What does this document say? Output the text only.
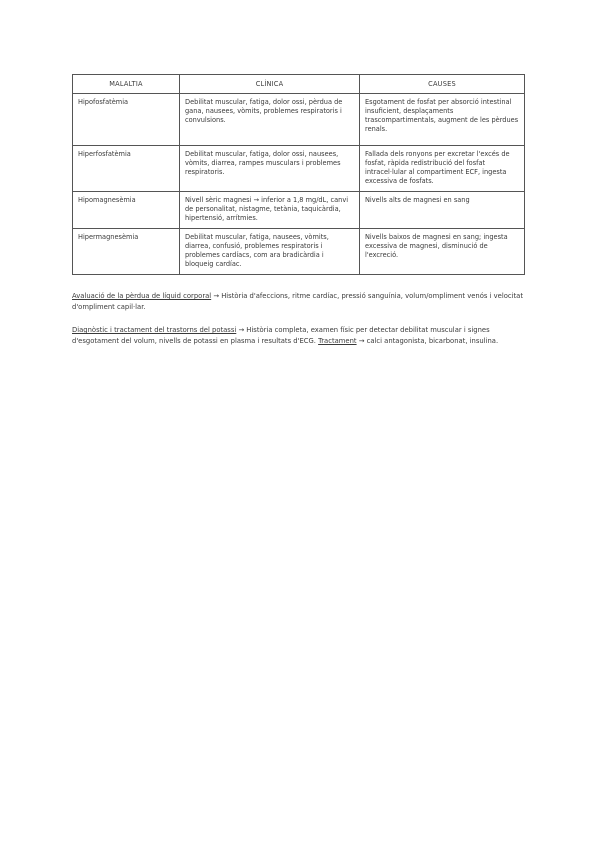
MALALTIA	CLÍNICA	CAUSES
Hipofosfatèmia	Debilitat muscular, fatiga, dolor ossi, pèrdua de gana, nausees, vòmits, problemes respiratoris i convulsions.	Esgotament de fosfat per absorció intestinal insuficient, desplaçaments trascompartimentals, augment de les pèrdues renals.
Hiperfosfatèmia	Debilitat muscular, fatiga, dolor ossi, nausees, vòmits, diarrea, rampes musculars i problemes respiratoris.	Fallada dels ronyons per excretar l'excés de fosfat, ràpida redistribució del fosfat intracel·lular al compartiment ECF, ingesta excessiva de fosfats.
Hipomagnesèmia	Nivell sèric magnesi → inferior a 1,8 mg/dL, canvi de personalitat, nistagme, tetània, taquicàrdia, hipertensió, arrítmies.	Nivells alts de magnesi en sang
Hipermagnesèmia	Debilitat muscular, fatiga, nausees, vòmits, diarrea, confusió, problemes respiratoris i problemes cardíacs, com ara bradicàrdia i bloqueig cardíac.	Nivells baixos de magnesi en sang; ingesta excessiva de magnesi, disminució de l'excreció.

Avaluació de la pèrdua de líquid corporal → Història d'afeccions, ritme cardíac, pressió sanguínia, volum/ompliment venós i velocitat d'ompliment capil·lar.

Diagnòstic i tractament del trastorns del potassi → Història completa, examen físic per detectar debilitat muscular i signes d'esgotament del volum, nivells de potassi en plasma i resultats d'ECG. Tractament → calci antagonista, bicarbonat, insulina.
